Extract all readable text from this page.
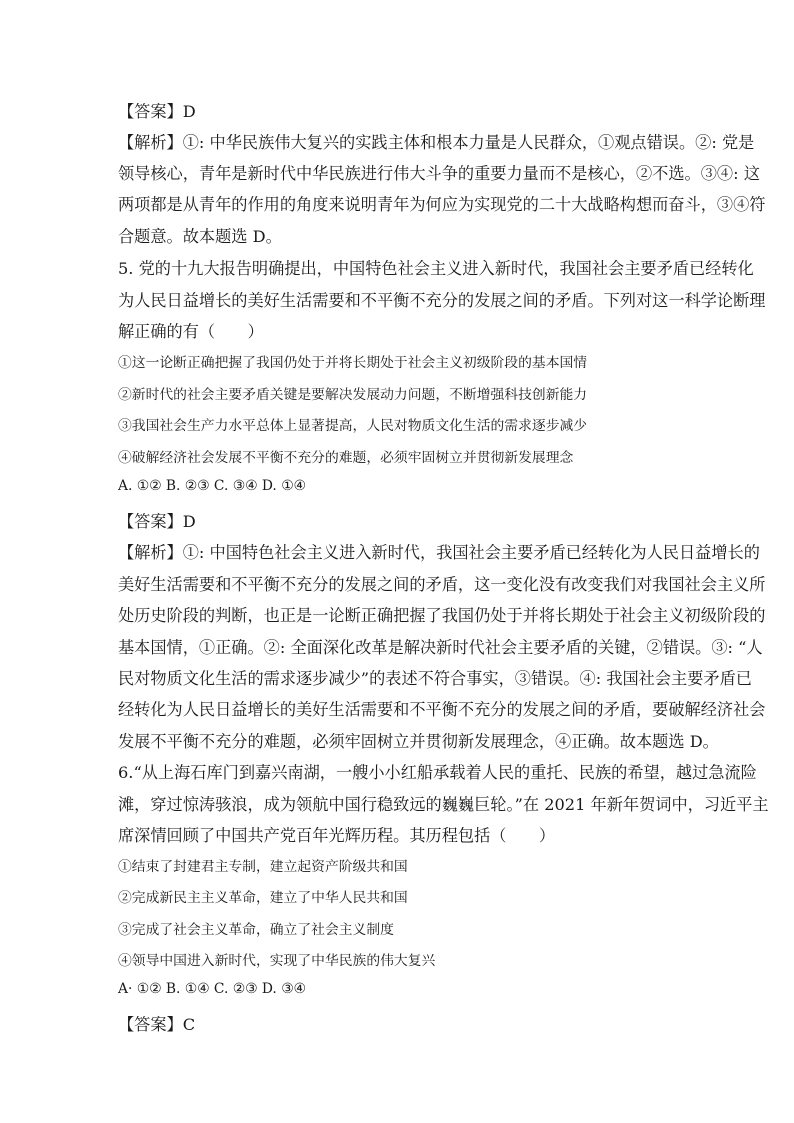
【答案】D
【解析】①: 中华民族伟大复兴的实践主体和根本力量是人民群众，①观点错误。②: 党是
领导核心，青年是新时代中华民族进行伟大斗争的重要力量而不是核心，②不选。③④: 这
两项都是从青年的作用的角度来说明青年为何应为实现党的二十大战略构想而奋斗，③④符
合题意。故本题选 D。
5. 党的十九大报告明确提出，中国特色社会主义进入新时代，我国社会主要矛盾已经转化
为人民日益增长的美好生活需要和不平衡不充分的发展之间的矛盾。下列对这一科学论断理
解正确的有（　　）
①这一论断正确把握了我国仍处于并将长期处于社会主义初级阶段的基本国情
②新时代的社会主要矛盾关键是要解决发展动力问题，不断增强科技创新能力
③我国社会生产力水平总体上显著提高，人民对物质文化生活的需求逐步减少
④破解经济社会发展不平衡不充分的难题，必须牢固树立并贯彻新发展理念
A. ①② B. ②③ C. ③④ D. ①④
【答案】D
【解析】①: 中国特色社会主义进入新时代，我国社会主要矛盾已经转化为人民日益增长的
美好生活需要和不平衡不充分的发展之间的矛盾，这一变化没有改变我们对我国社会主义所
处历史阶段的判断，也正是一论断正确把握了我国仍处于并将长期处于社会主义初级阶段的
基本国情，①正确。②: 全面深化改革是解决新时代社会主要矛盾的关键，②错误。③: “人
民对物质文化生活的需求逐步减少”的表述不符合事实，③错误。④: 我国社会主要矛盾已
经转化为人民日益增长的美好生活需要和不平衡不充分的发展之间的矛盾，要破解经济社会
发展不平衡不充分的难题，必须牢固树立并贯彻新发展理念，④正确。故本题选 D。
6.“从上海石库门到嘉兴南湖，一艘小小红船承载着人民的重托、民族的希望，越过急流险
滩，穿过惊涛骇浪，成为领航中国行稳致远的巍巍巨轮。”在 2021 年新年贺词中，习近平主
席深情回顾了中国共产党百年光辉历程。其历程包括（　　）
①结束了封建君主专制，建立起资产阶级共和国
②完成新民主主义革命，建立了中华人民共和国
③完成了社会主义革命，确立了社会主义制度
④领导中国进入新时代，实现了中华民族的伟大复兴
A· ①② B. ①④ C. ②③ D. ③④
【答案】C
